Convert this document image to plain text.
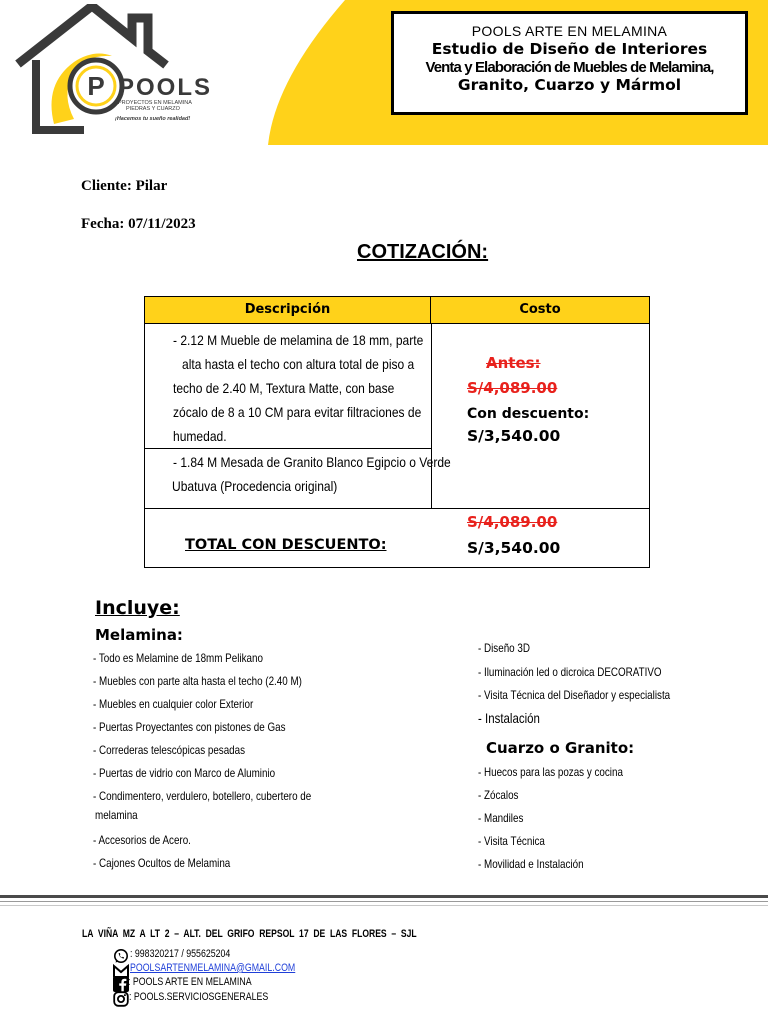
P POOLS
PROYECTOS EN MELAMINA
PIEDRAS Y CUARZO
¡Hacemos tu sueño realidad!
POOLS ARTE EN MELAMINA
Estudio de Diseño de Interiores
Venta y Elaboración de Muebles de Melamina,
Granito, Cuarzo y Mármol
Cliente: Pilar
Fecha: 07/11/2023
COTIZACIÓN:
Descripción	Costo
- 2.12 M Mueble de melamina de 18 mm, parte
alta hasta el techo con altura total de piso a
techo de 2.40 M, Textura Matte, con base
zócalo de 8 a 10 CM para evitar filtraciones de
humedad.
- 1.84 M Mesada de Granito Blanco Egipcio o Verde
Ubatuva (Procedencia original)
Antes:
S/4,089.00
Con descuento:
S/3,540.00
TOTAL CON DESCUENTO:
S/4,089.00
S/3,540.00
Incluye:
Melamina:
- Todo es Melamine de 18mm Pelikano
- Muebles con parte alta hasta el techo (2.40 M)
- Muebles en cualquier color Exterior
- Puertas Proyectantes con pistones de Gas
- Correderas telescópicas pesadas
- Puertas de vidrio con Marco de Aluminio
- Condimentero, verdulero, botellero, cubertero de
melamina
- Accesorios de Acero.
- Cajones Ocultos de Melamina
- Diseño 3D
- Iluminación led o dicroica DECORATIVO
- Visita Técnica del Diseñador y especialista
- Instalación
Cuarzo o Granito:
- Huecos para las pozas y cocina
- Zócalos
- Mandiles
- Visita Técnica
- Movilidad e Instalación
LA VIÑA MZ A LT 2 – ALT. DEL GRIFO REPSOL 17 DE LAS FLORES – SJL
: 998320217 / 955625204
POOLSARTENMELAMINA@GMAIL.COM
: POOLS ARTE EN MELAMINA
: POOLS.SERVICIOSGENERALES
